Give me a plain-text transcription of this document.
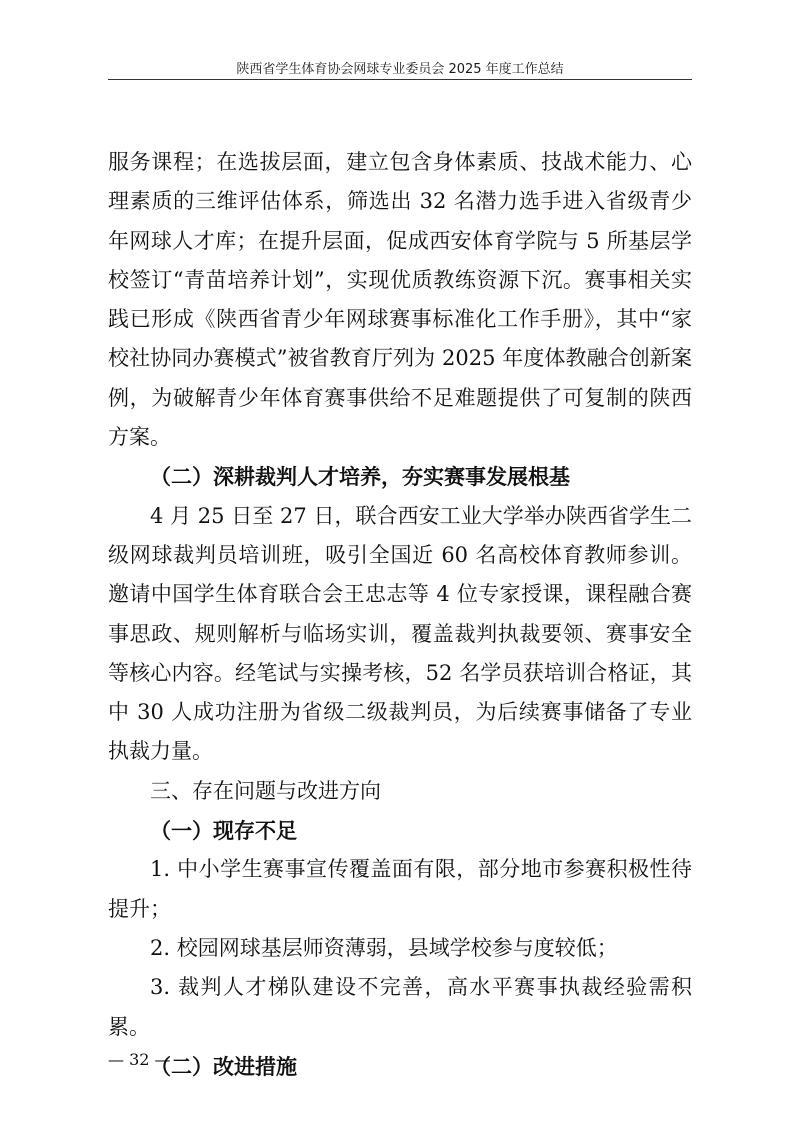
陕西省学生体育协会网球专业委员会 2025 年度工作总结

服务课程；在选拔层面，建立包含身体素质、技战术能力、心理素质的三维评估体系，筛选出 32 名潜力选手进入省级青少年网球人才库；在提升层面，促成西安体育学院与 5 所基层学校签订“青苗培养计划”，实现优质教练资源下沉。赛事相关实践已形成《陕西省青少年网球赛事标准化工作手册》，其中“家校社协同办赛模式”被省教育厅列为 2025 年度体教融合创新案例，为破解青少年体育赛事供给不足难题提供了可复制的陕西方案。

（二）深耕裁判人才培养，夯实赛事发展根基

4 月 25 日至 27 日，联合西安工业大学举办陕西省学生二级网球裁判员培训班，吸引全国近 60 名高校体育教师参训。邀请中国学生体育联合会王忠志等 4 位专家授课，课程融合赛事思政、规则解析与临场实训，覆盖裁判执裁要领、赛事安全等核心内容。经笔试与实操考核，52 名学员获培训合格证，其中 30 人成功注册为省级二级裁判员，为后续赛事储备了专业执裁力量。

三、存在问题与改进方向

（一）现存不足

1. 中小学生赛事宣传覆盖面有限，部分地市参赛积极性待提升；

2. 校园网球基层师资薄弱，县域学校参与度较低；

3. 裁判人才梯队建设不完善，高水平赛事执裁经验需积累。

（二）改进措施

— 32 —
